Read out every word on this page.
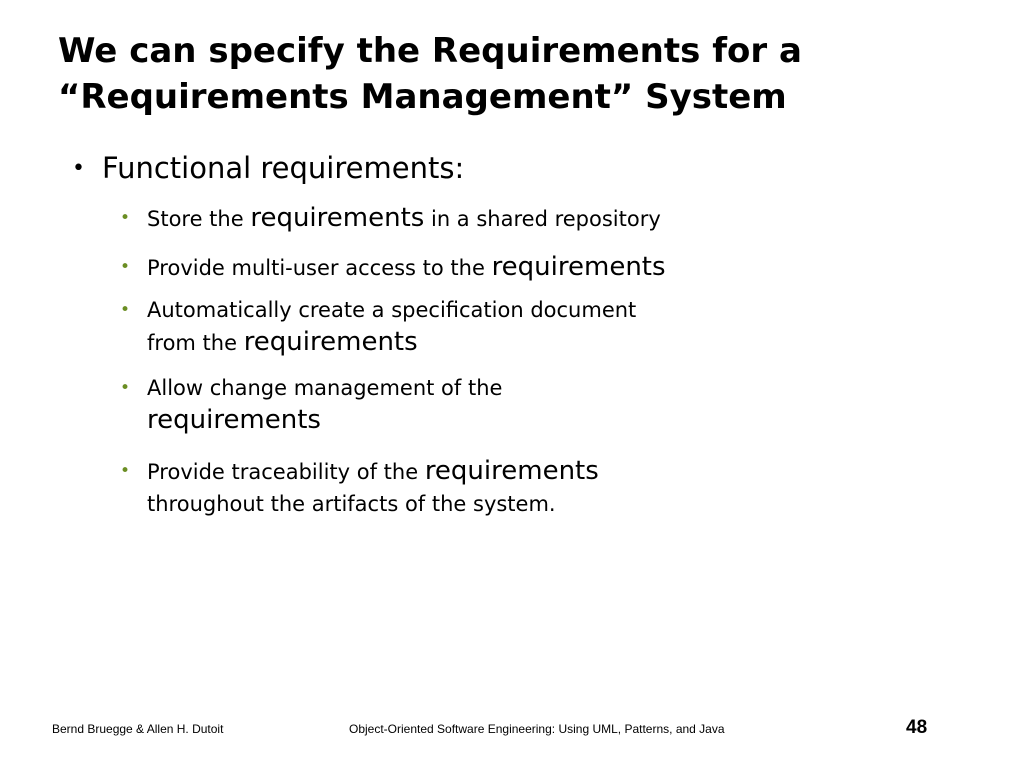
We can specify the Requirements for a
“Requirements Management” System
• Functional requirements:
• Store the requirements in a shared repository
• Provide multi-user access to the requirements
• Automatically create a specification document
from the requirements
• Allow change management of the
requirements
• Provide traceability of the requirements
throughout the artifacts of the system.
Bernd Bruegge & Allen H. Dutoit	Object-Oriented Software Engineering: Using UML, Patterns, and Java	48
